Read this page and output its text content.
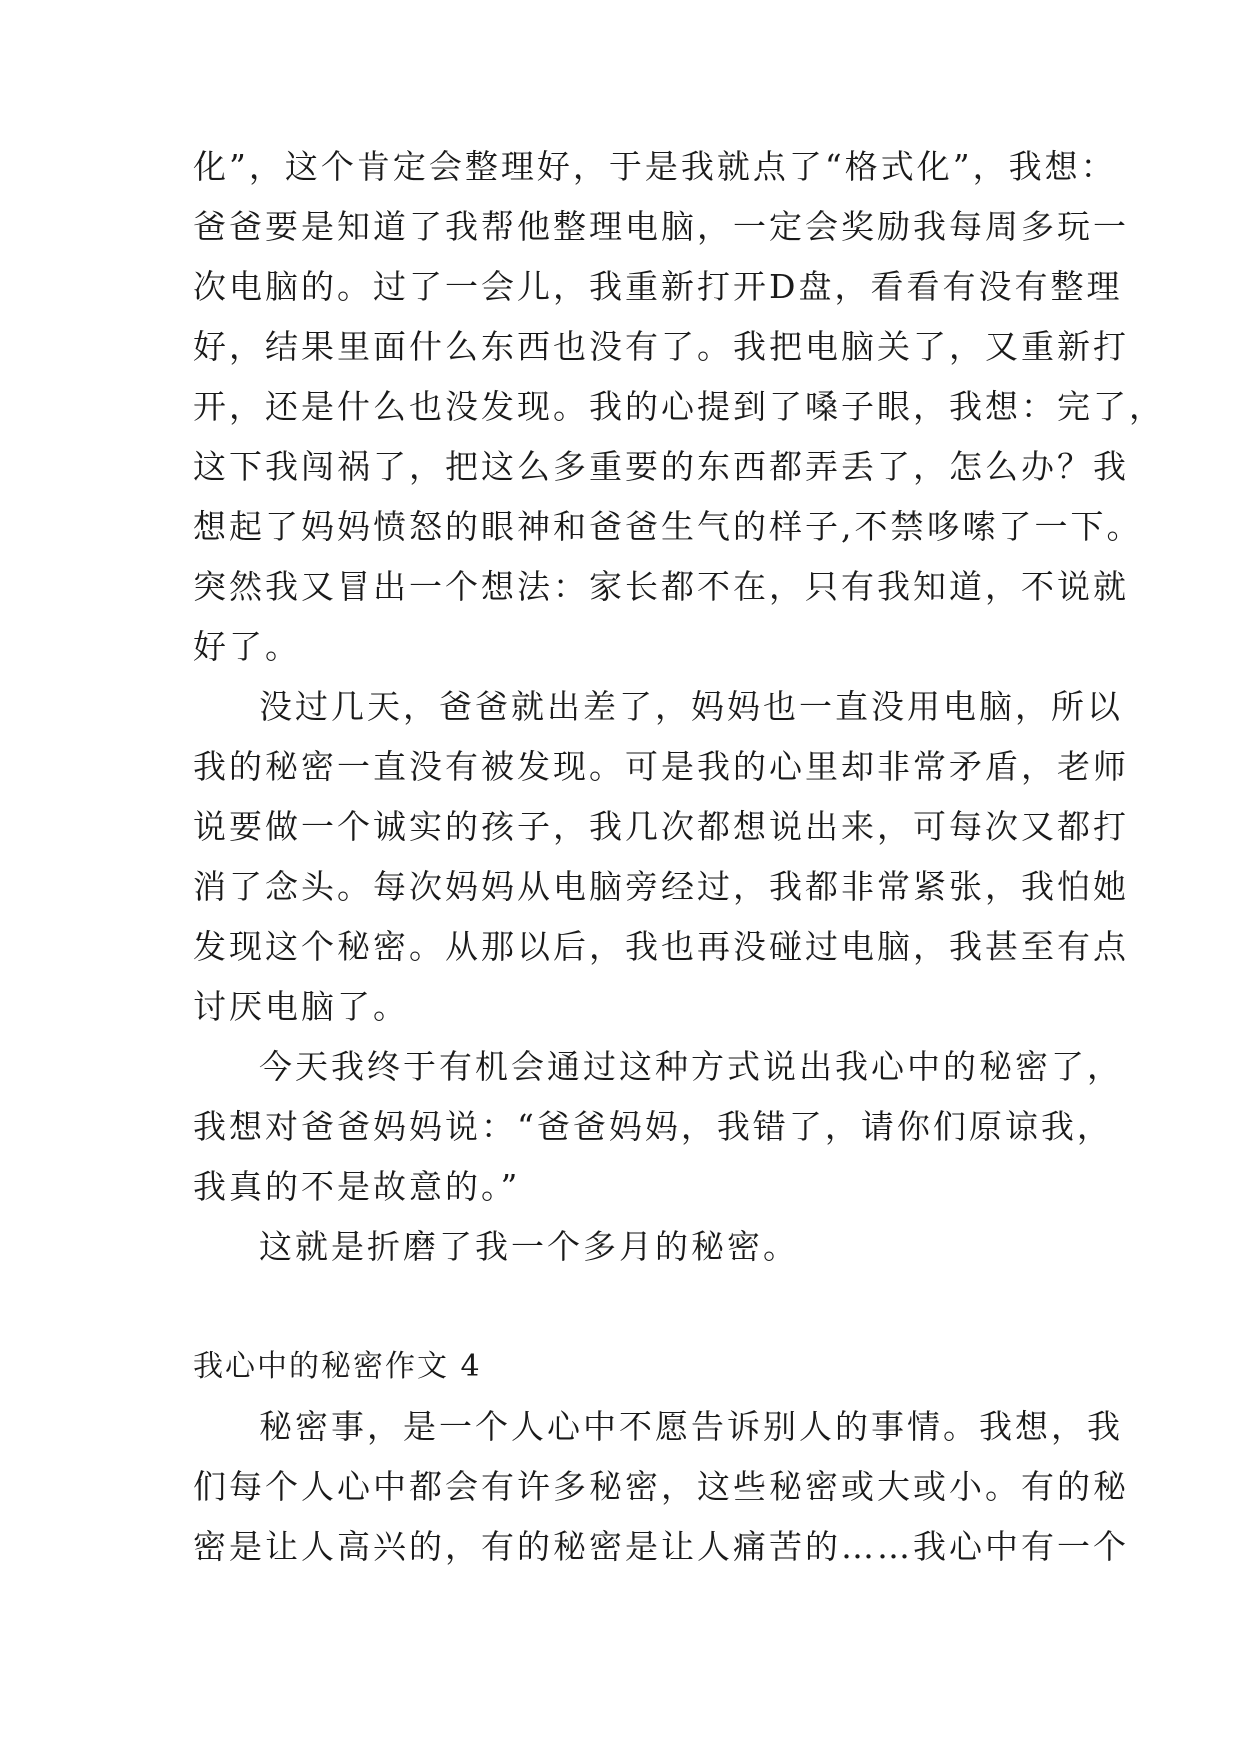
化”，这个肯定会整理好，于是我就点了“格式化”，我想：
爸爸要是知道了我帮他整理电脑，一定会奖励我每周多玩一
次电脑的。过了一会儿，我重新打开D盘，看看有没有整理
好，结果里面什么东西也没有了。我把电脑关了，又重新打
开，还是什么也没发现。我的心提到了嗓子眼，我想：完了，
这下我闯祸了，把这么多重要的东西都弄丢了，怎么办？我
想起了妈妈愤怒的眼神和爸爸生气的样子,不禁哆嗦了一下。
突然我又冒出一个想法：家长都不在，只有我知道，不说就
好了。
没过几天，爸爸就出差了，妈妈也一直没用电脑，所以
我的秘密一直没有被发现。可是我的心里却非常矛盾，老师
说要做一个诚实的孩子，我几次都想说出来，可每次又都打
消了念头。每次妈妈从电脑旁经过，我都非常紧张，我怕她
发现这个秘密。从那以后，我也再没碰过电脑，我甚至有点
讨厌电脑了。
今天我终于有机会通过这种方式说出我心中的秘密了，
我想对爸爸妈妈说：“爸爸妈妈，我错了，请你们原谅我，
我真的不是故意的。”
这就是折磨了我一个多月的秘密。
我心中的秘密作文 4
秘密事，是一个人心中不愿告诉别人的事情。我想，我
们每个人心中都会有许多秘密，这些秘密或大或小。有的秘
密是让人高兴的，有的秘密是让人痛苦的……我心中有一个
